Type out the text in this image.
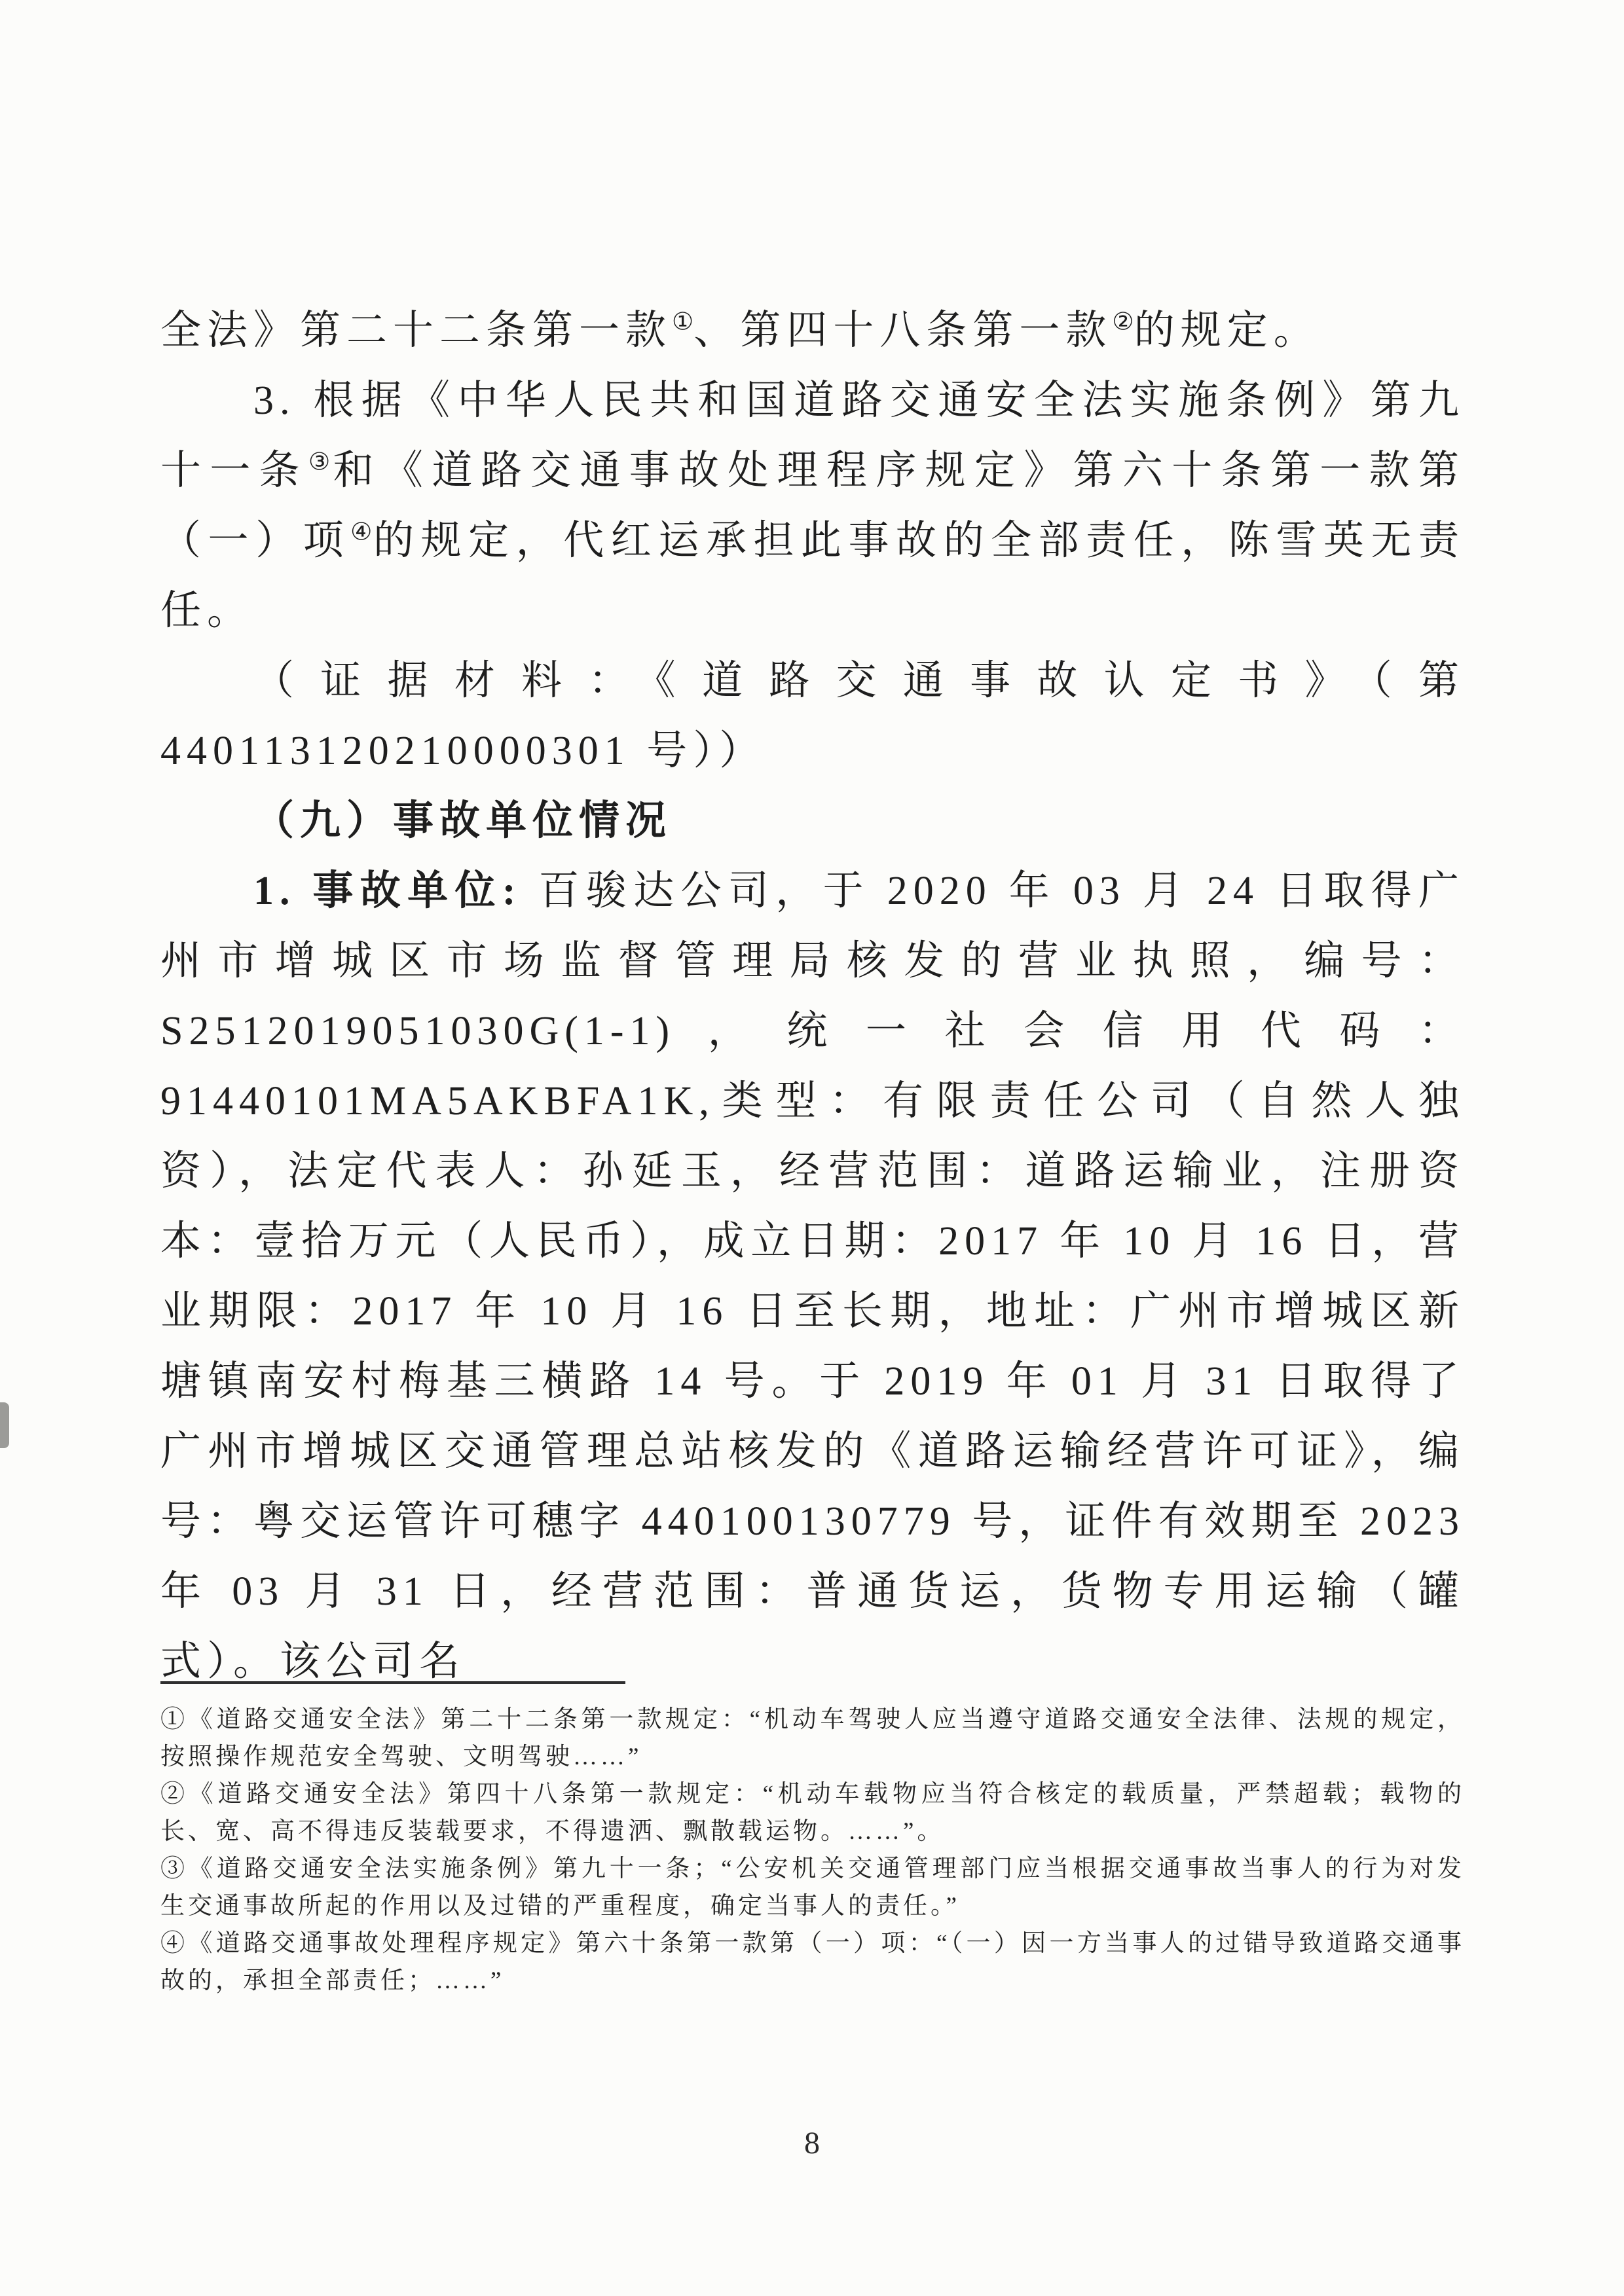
全法》第二十二条第一款①、第四十八条第一款②的规定。
3. 根据《中华人民共和国道路交通安全法实施条例》第九十一条③和《道路交通事故处理程序规定》第六十条第一款第（一）项④的规定，代红运承担此事故的全部责任，陈雪英无责任。
（证据材料：《道路交通事故认定书》（第 440113120210000301 号））
（九）事故单位情况
1. 事故单位: 百骏达公司，于 2020 年 03 月 24 日取得广州市增城区市场监督管理局核发的营业执照，编号：S2512019051030G(1-1)，统一社会信用代码：91440101MA5AKBFA1K,类型：有限责任公司（自然人独资），法定代表人：孙延玉，经营范围：道路运输业，注册资本：壹拾万元（人民币），成立日期：2017 年 10 月 16 日，营业期限：2017 年 10 月 16 日至长期，地址：广州市增城区新塘镇南安村梅基三横路 14 号。于 2019 年 01 月 31 日取得了广州市增城区交通管理总站核发的《道路运输经营许可证》，编号：粤交运管许可穗字 440100130779 号，证件有效期至 2023 年 03 月 31 日，经营范围：普通货运，货物专用运输（罐式）。该公司名
①《道路交通安全法》第二十二条第一款规定：“机动车驾驶人应当遵守道路交通安全法律、法规的规定，按照操作规范安全驾驶、文明驾驶……”
②《道路交通安全法》第四十八条第一款规定：“机动车载物应当符合核定的载质量，严禁超载；载物的长、宽、高不得违反装载要求，不得遗洒、飘散载运物。……”。
③《道路交通安全法实施条例》第九十一条；“公安机关交通管理部门应当根据交通事故当事人的行为对发生交通事故所起的作用以及过错的严重程度，确定当事人的责任。”
④《道路交通事故处理程序规定》第六十条第一款第（一）项：“（一）因一方当事人的过错导致道路交通事故的，承担全部责任；……”
8
